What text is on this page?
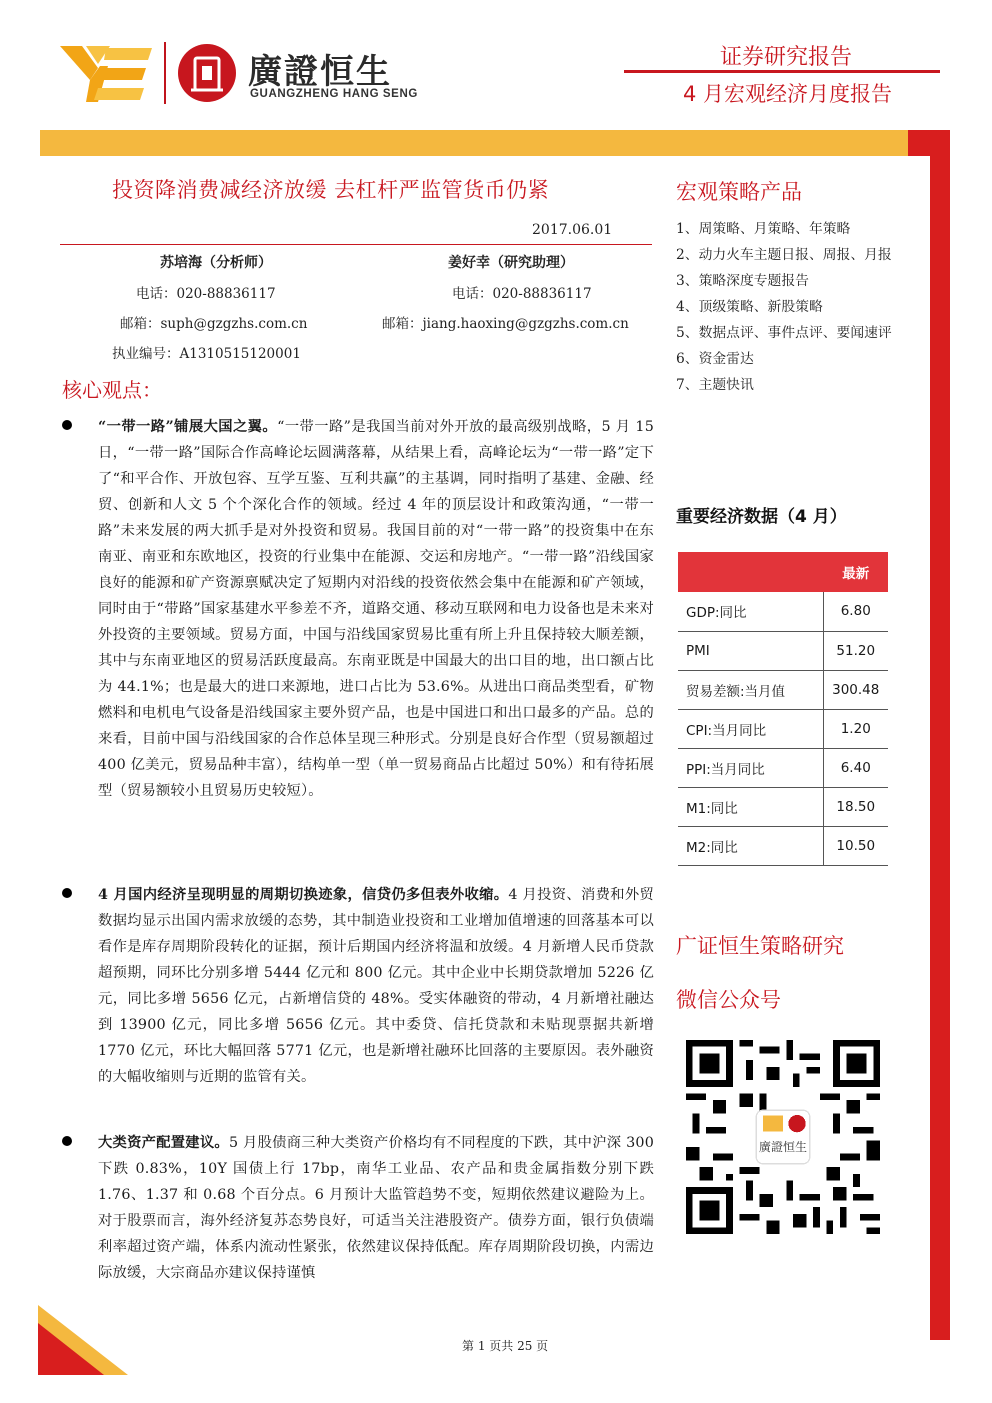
廣證恒生
GUANGZHENG HANG SENG
证券研究报告
4 月宏观经济月度报告
投资降消费减经济放缓 去杠杆严监管货币仍紧
2017.06.01
苏培海（分析师）
电话：020-88836117
邮箱：suph@gzgzhs.com.cn
执业编号：A1310515120001
姜好幸（研究助理）
电话：020-88836117
邮箱：jiang.haoxing@gzgzhs.com.cn
核心观点：
“一带一路”铺展大国之翼。“一带一路”是我国当前对外开放的最高级别战略，5 月 15 日，“一带一路”国际合作高峰论坛圆满落幕，从结果上看，高峰论坛为“一带一路”定下了“和平合作、开放包容、互学互鉴、互利共赢”的主基调，同时指明了基建、金融、经贸、创新和人文 5 个个深化合作的领域。经过 4 年的顶层设计和政策沟通，“一带一路”未来发展的两大抓手是对外投资和贸易。我国目前的对“一带一路”的投资集中在东南亚、南亚和东欧地区，投资的行业集中在能源、交运和房地产。“一带一路”沿线国家良好的能源和矿产资源禀赋决定了短期内对沿线的投资依然会集中在能源和矿产领域，同时由于“带路”国家基建水平参差不齐，道路交通、移动互联网和电力设备也是未来对外投资的主要领域。贸易方面，中国与沿线国家贸易比重有所上升且保持较大顺差额，其中与东南亚地区的贸易活跃度最高。东南亚既是中国最大的出口目的地，出口额占比为 44.1%；也是最大的进口来源地，进口占比为 53.6%。从进出口商品类型看，矿物燃料和电机电气设备是沿线国家主要外贸产品，也是中国进口和出口最多的产品。总的来看，目前中国与沿线国家的合作总体呈现三种形式。分别是良好合作型（贸易额超过 400 亿美元，贸易品种丰富），结构单一型（单一贸易商品占比超过 50%）和有待拓展型（贸易额较小且贸易历史较短）。
4 月国内经济呈现明显的周期切换迹象，信贷仍多但表外收缩。4 月投资、消费和外贸数据均显示出国内需求放缓的态势，其中制造业投资和工业增加值增速的回落基本可以看作是库存周期阶段转化的证据，预计后期国内经济将温和放缓。4 月新增人民币贷款超预期，同环比分别多增 5444 亿元和 800 亿元。其中企业中长期贷款增加 5226 亿元，同比多增 5656 亿元，占新增信贷的 48%。受实体融资的带动，4 月新增社融达到 13900 亿元，同比多增 5656 亿元。其中委贷、信托贷款和未贴现票据共新增 1770 亿元，环比大幅回落 5771 亿元，也是新增社融环比回落的主要原因。表外融资的大幅收缩则与近期的监管有关。
大类资产配置建议。5 月股债商三种大类资产价格均有不同程度的下跌，其中沪深 300 下跌 0.83%，10Y 国债上行 17bp，南华工业品、农产品和贵金属指数分别下跌 1.76、1.37 和 0.68 个百分点。6 月预计大监管趋势不变，短期依然建议避险为上。对于股票而言，海外经济复苏态势良好，可适当关注港股资产。债券方面，银行负债端利率超过资产端，体系内流动性紧张，依然建议保持低配。库存周期阶段切换，内需边际放缓，大宗商品亦建议保持谨慎
第 1 页共 25 页
宏观策略产品
1、周策略、月策略、年策略
2、动力火车主题日报、周报、月报
3、策略深度专题报告
4、顶级策略、新股策略
5、数据点评、事件点评、要闻速评
6、资金雷达
7、主题快讯
重要经济数据（4 月）
	最新
GDP:同比	6.80
PMI	51.20
贸易差额:当月值	300.48
CPI:当月同比	1.20
PPI:当月同比	6.40
M1:同比	18.50
M2:同比	10.50
广证恒生策略研究
微信公众号
廣證恒生
